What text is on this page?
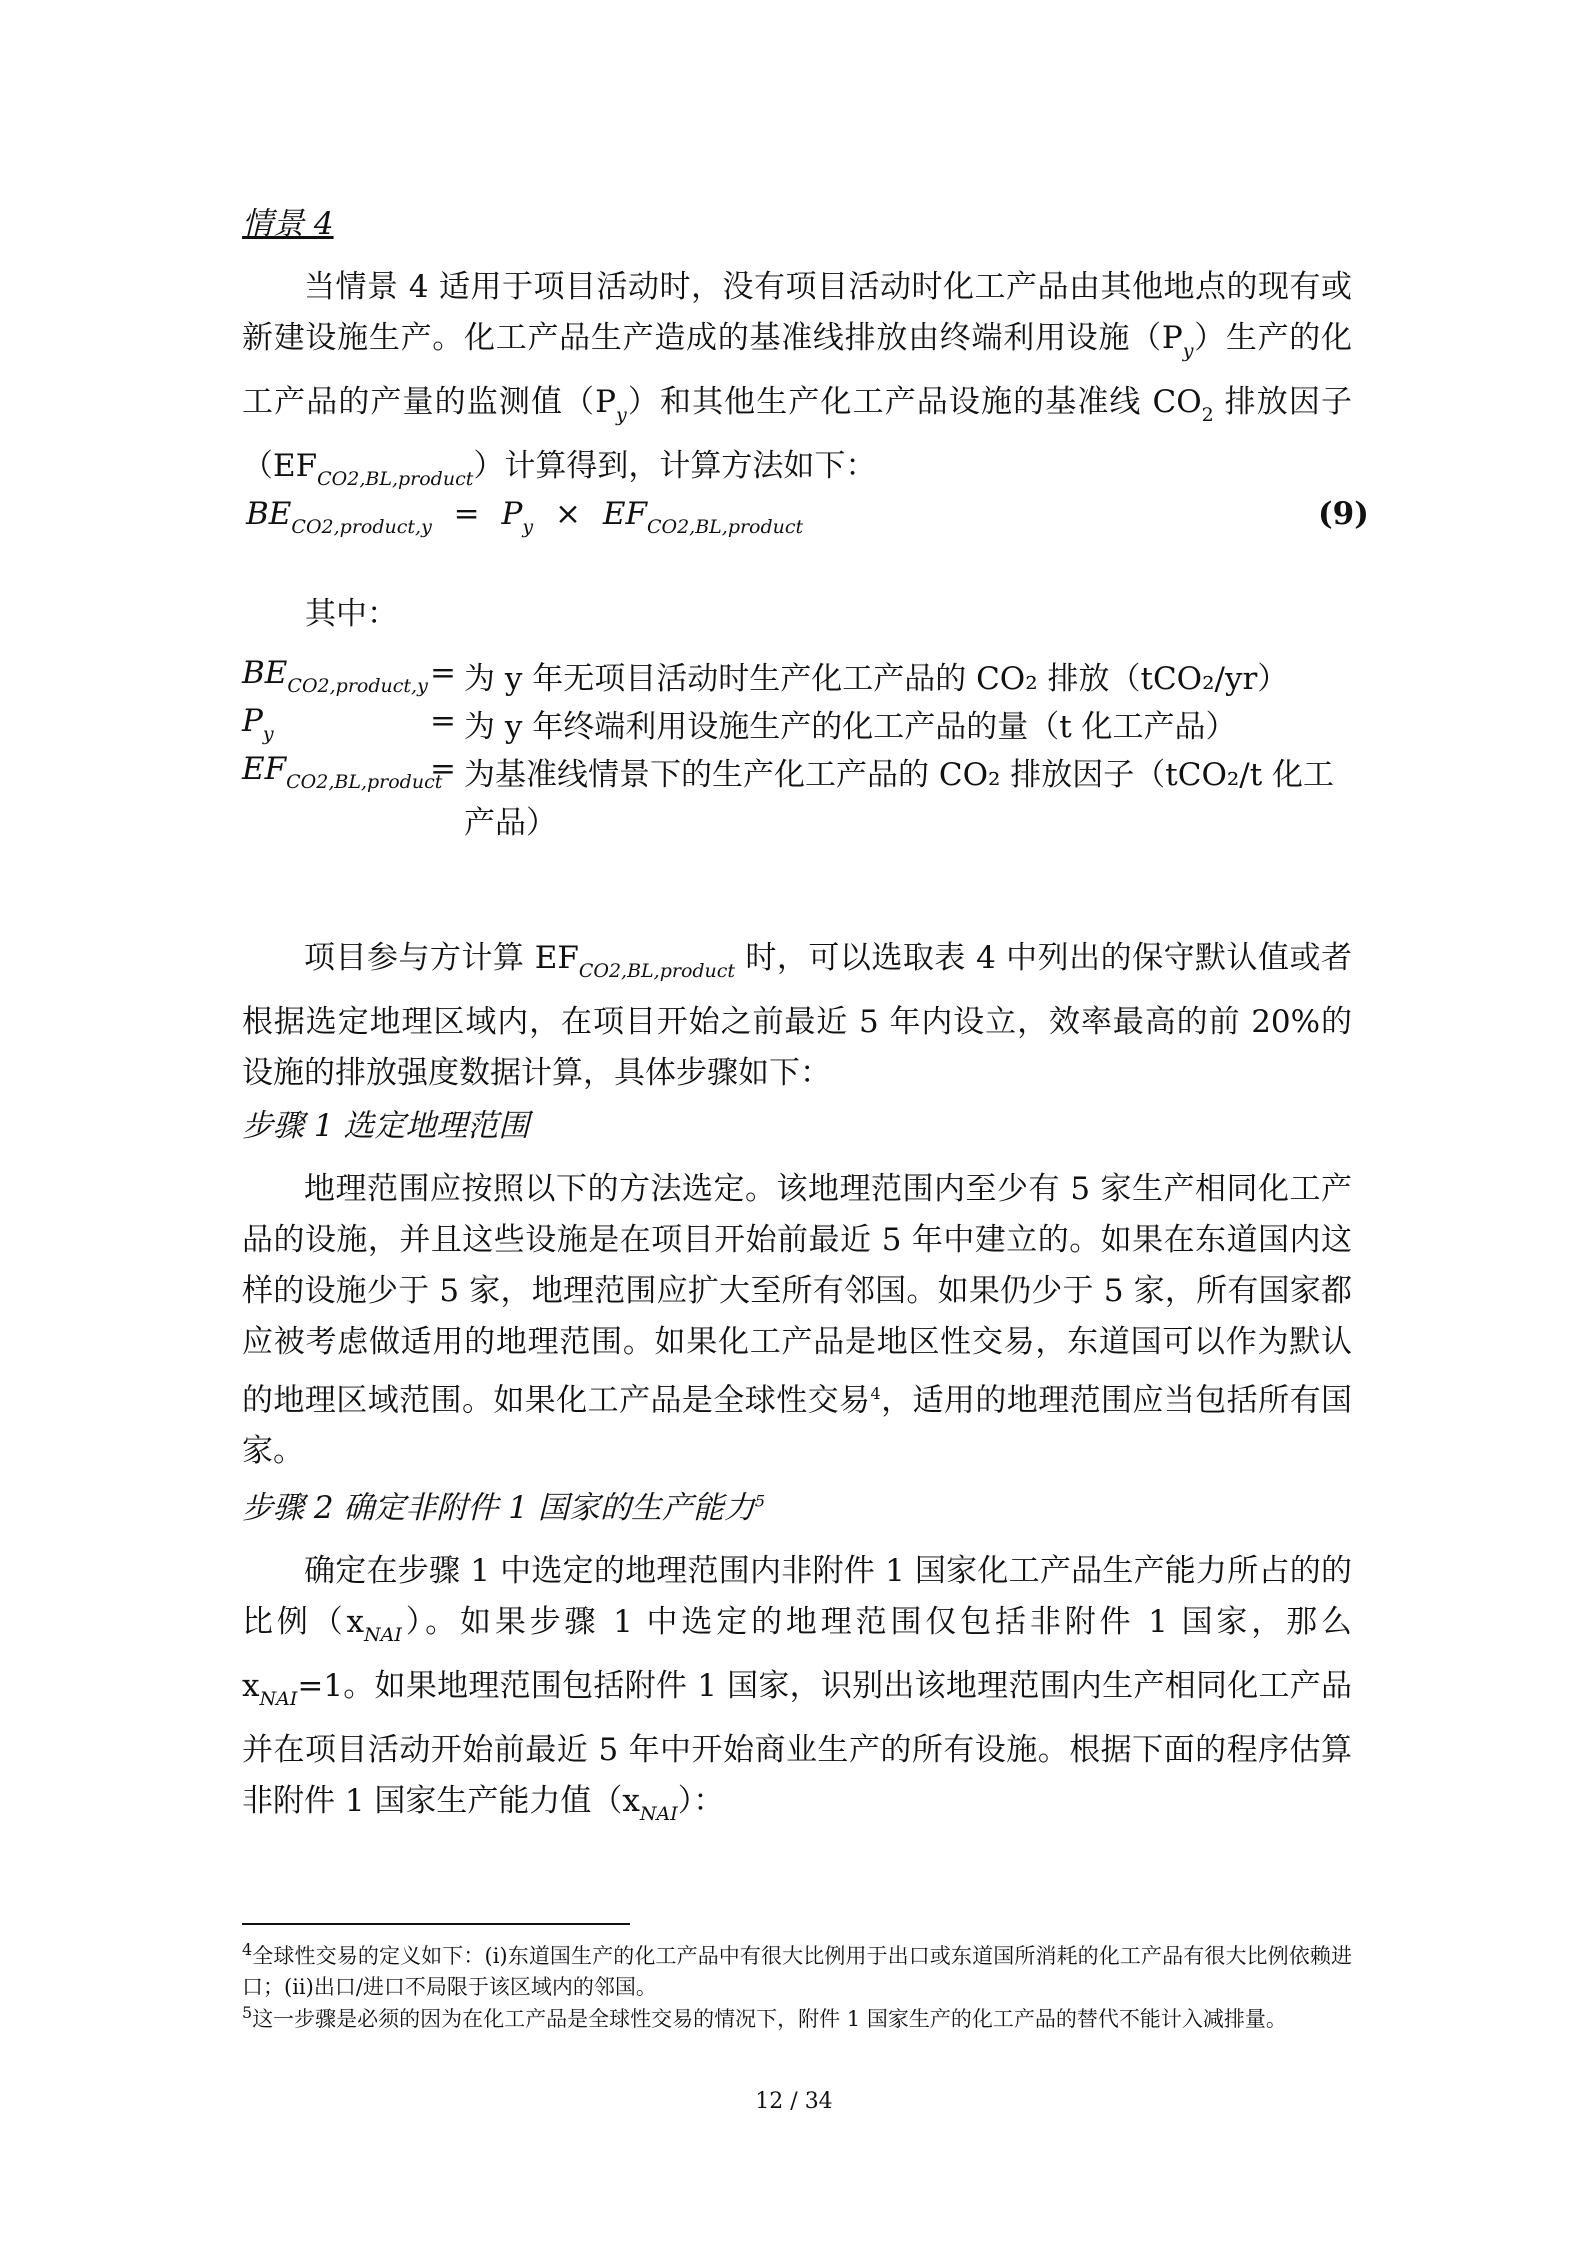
情景 4
当情景 4 适用于项目活动时，没有项目活动时化工产品由其他地点的现有或新建设施生产。化工产品生产造成的基准线排放由终端利用设施$(P_y)$生产的化工产品的产量的监测值$(P_y)$和其他生产化工产品设施的基准线 $CO_2$ 排放因子$(EF_{CO2,BL,product})$计算得到，计算方法如下：
$BE_{CO2,product,y} = P_y \times EF_{CO2,BL,product}$	(9)
其中：
$BE_{CO2,product,y}$ = 为 y 年无项目活动时生产化工产品的 CO₂ 排放（tCO₂/yr）
$P_y$	= 为 y 年终端利用设施生产的化工产品的量（t 化工产品）
$EF_{CO2,BL,product}$
= 为基准线情景下的生产化工产品的 CO₂ 排放因子（tCO₂/t 化工产品）
项目参与方计算 $EF_{CO2,BL,product}$ 时，可以选取表 4 中列出的保守默认值或者根据选定地理区域内，在项目开始之前最近 5 年内设立，效率最高的前 20%的设施的排放强度数据计算，具体步骤如下：
步骤 1 选定地理范围
地理范围应按照以下的方法选定。该地理范围内至少有 5 家生产相同化工产品的设施，并且这些设施是在项目开始前最近 5 年中建立的。如果在东道国内这样的设施少于 5 家，地理范围应扩大至所有邻国。如果仍少于 5 家，所有国家都应被考虑做适用的地理范围。如果化工产品是地区性交易，东道国可以作为默认的地理区域范围。如果化工产品是全球性交易$^4$，适用的地理范围应当包括所有国家。
步骤 2 确定非附件 1 国家的生产能力$^5$
确定在步骤 1 中选定的地理范围内非附件 1 国家化工产品生产能力所占的的比例$(x_{NAI})$。如果步骤 1 中选定的地理范围仅包括非附件 1 国家，那么 $x_{NAI}=1$。如果地理范围包括附件 1 国家，识别出该地理范围内生产相同化工产品并在项目活动开始前最近 5 年中开始商业生产的所有设施。根据下面的程序估算非附件 1 国家生产能力值$(x_{NAI})$：
$^4$全球性交易的定义如下：(i)东道国生产的化工产品中有很大比例用于出口或东道国所消耗的化工产品有很大比例依赖进口；(ii)出口/进口不局限于该区域内的邻国。
$^5$这一步骤是必须的因为在化工产品是全球性交易的情况下，附件 1 国家生产的化工产品的替代不能计入减排量。
12 / 34
